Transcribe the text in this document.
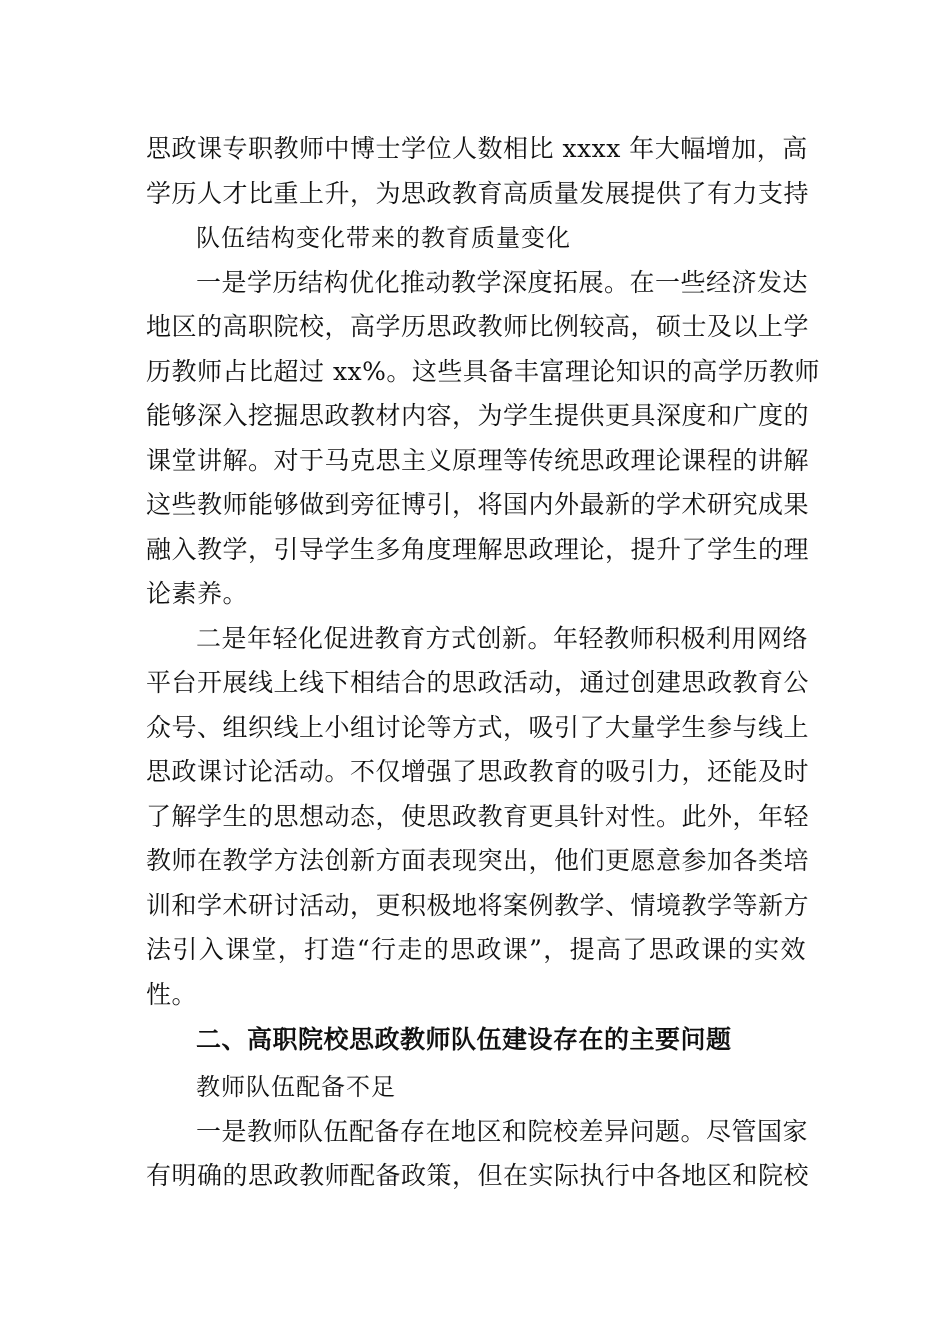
思政课专职教师中博士学位人数相比 xxxx 年大幅增加，高
学历人才比重上升，为思政教育高质量发展提供了有力支持
队伍结构变化带来的教育质量变化
一是学历结构优化推动教学深度拓展。在一些经济发达
地区的高职院校，高学历思政教师比例较高，硕士及以上学
历教师占比超过 xx%。这些具备丰富理论知识的高学历教师
能够深入挖掘思政教材内容，为学生提供更具深度和广度的
课堂讲解。对于马克思主义原理等传统思政理论课程的讲解
这些教师能够做到旁征博引，将国内外最新的学术研究成果
融入教学，引导学生多角度理解思政理论，提升了学生的理
论素养。
二是年轻化促进教育方式创新。年轻教师积极利用网络
平台开展线上线下相结合的思政活动，通过创建思政教育公
众号、组织线上小组讨论等方式，吸引了大量学生参与线上
思政课讨论活动。不仅增强了思政教育的吸引力，还能及时
了解学生的思想动态，使思政教育更具针对性。此外，年轻
教师在教学方法创新方面表现突出，他们更愿意参加各类培
训和学术研讨活动，更积极地将案例教学、情境教学等新方
法引入课堂，打造“行走的思政课”，提高了思政课的实效
性。
二、高职院校思政教师队伍建设存在的主要问题
教师队伍配备不足
一是教师队伍配备存在地区和院校差异问题。尽管国家
有明确的思政教师配备政策，但在实际执行中各地区和院校
